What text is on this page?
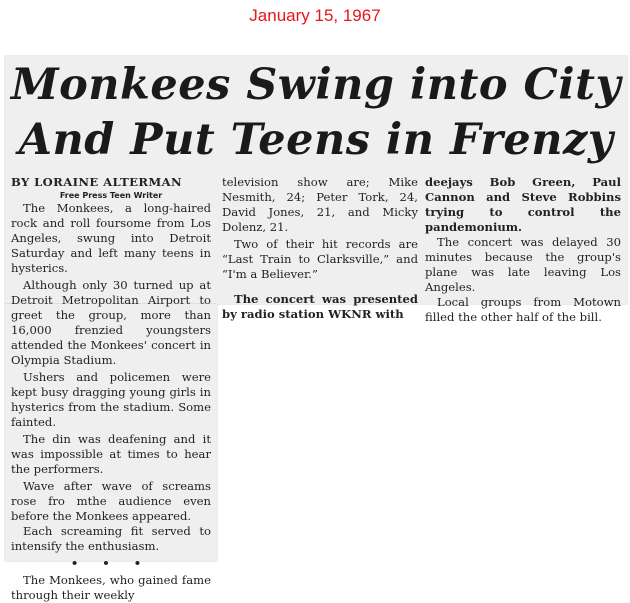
January 15, 1967
Monkees Swing into City
And Put Teens in Frenzy

BY LORAINE ALTERMAN

Free Press Teen Writer

The Monkees, a long-haired rock and roll foursome from Los Angeles, swung into Detroit Saturday and left many teens in hysterics.

Although only 30 turned up at Detroit Metropolitan Airport to greet the group, more than 16,000 frenzied youngsters attended the Monkees' concert in Olympia Stadium.

Ushers and policemen were kept busy dragging young girls in hysterics from the stadium. Some fainted.

The din was deafening and it was impossible at times to hear the performers.

Wave after wave of screams rose fro mthe audience even before the Monkees appeared.

Each screaming fit served to intensify the enthusiasm.

• • •

The Monkees, who gained fame through their weekly

television show are; Mike Nesmith, 24; Peter Tork, 24, David Jones, 21, and Micky Dolenz, 21.

Two of their hit records are “Last Train to Clarksville,” and “I'm a Believer.”

The concert was presented by radio station WKNR with

deejays Bob Green, Paul Cannon and Steve Robbins trying to control the pandemonium.

The concert was delayed 30 minutes because the group's plane was late leaving Los Angeles.

Local groups from Motown filled the other half of the bill.
